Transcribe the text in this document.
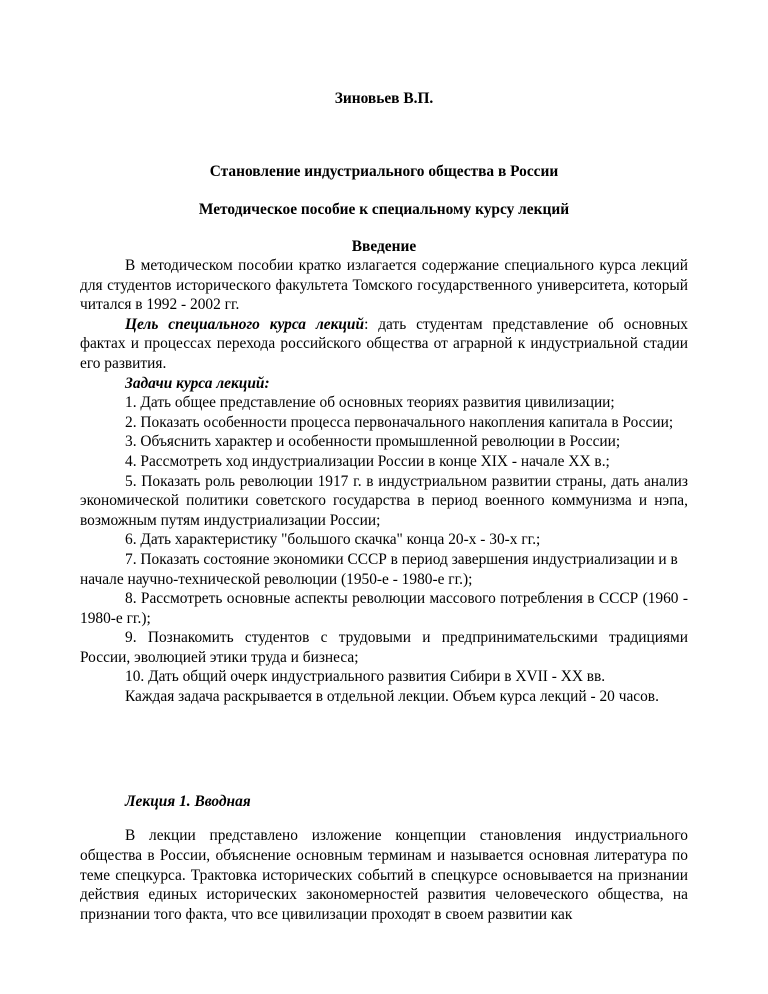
Зиновьев В.П.

Становление индустриального общества в России

Методическое пособие к специальному курсу лекций

Введение

В методическом пособии кратко излагается содержание специального курса лекций для студентов исторического факультета Томского государственного университета, который читался в 1992 - 2002 гг.

Цель специального курса лекций: дать студентам представление об основных фактах и процессах перехода российского общества от аграрной к индустриальной стадии его развития.

Задачи курса лекций:

1. Дать общее представление об основных теориях развития цивилизации;

2. Показать особенности процесса первоначального накопления капитала в России;

3. Объяснить характер и особенности промышленной революции в России;

4. Рассмотреть ход индустриализации России в конце XIX - начале XX в.;

5. Показать роль революции 1917 г. в индустриальном развитии страны, дать анализ экономической политики советского государства в период военного коммунизма и нэпа, возможным путям индустриализации России;

6. Дать характеристику "большого скачка" конца 20-х - 30-х гг.;

7. Показать состояние экономики СССР в период завершения индустриализации и в начале научно-технической революции (1950-е - 1980-е гг.);

8. Рассмотреть основные аспекты революции массового потребления в СССР (1960 - 1980-е гг.);

9. Познакомить студентов с трудовыми и предпринимательскими традициями России, эволюцией этики труда и бизнеса;

10. Дать общий очерк индустриального развития Сибири в XVII - XX вв.

Каждая задача раскрывается в отдельной лекции. Объем курса лекций - 20 часов.

Лекция 1. Вводная

В лекции представлено изложение концепции становления индустриального общества в России, объяснение основным терминам и называется основная литература по теме спецкурса. Трактовка исторических событий в спецкурсе основывается на признании действия единых исторических закономерностей развития человеческого общества, на признании того факта, что все цивилизации проходят в своем развитии как
